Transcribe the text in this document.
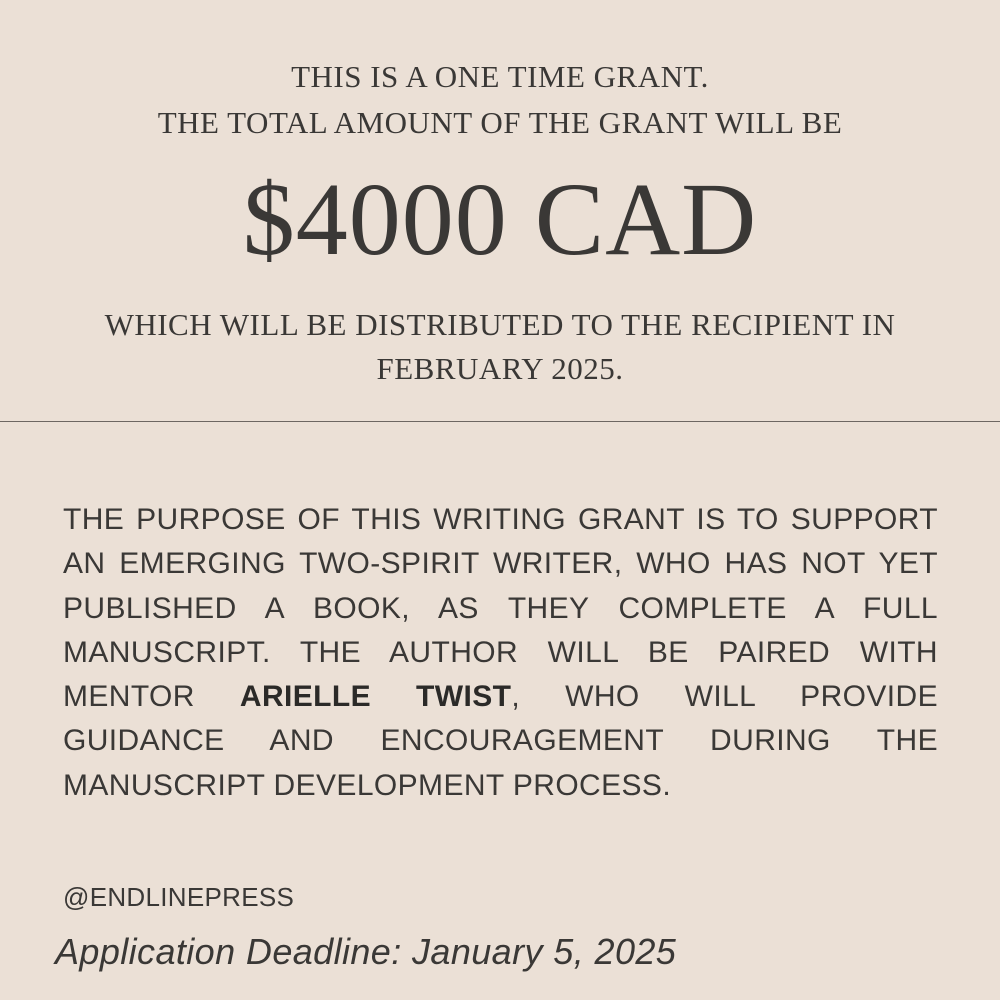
THIS IS A ONE TIME GRANT.
THE TOTAL AMOUNT OF THE GRANT WILL BE
$4000 CAD
WHICH WILL BE DISTRIBUTED TO THE RECIPIENT IN
FEBRUARY 2025.
THE PURPOSE OF THIS WRITING GRANT IS TO SUPPORT
AN EMERGING TWO-SPIRIT WRITER, WHO HAS NOT YET
PUBLISHED A BOOK, AS THEY COMPLETE A FULL
MANUSCRIPT. THE AUTHOR WILL BE PAIRED WITH
MENTOR ARIELLE TWIST, WHO WILL PROVIDE
GUIDANCE AND ENCOURAGEMENT DURING THE
MANUSCRIPT DEVELOPMENT PROCESS.
@ENDLINEPRESS
Application Deadline: January 5, 2025
